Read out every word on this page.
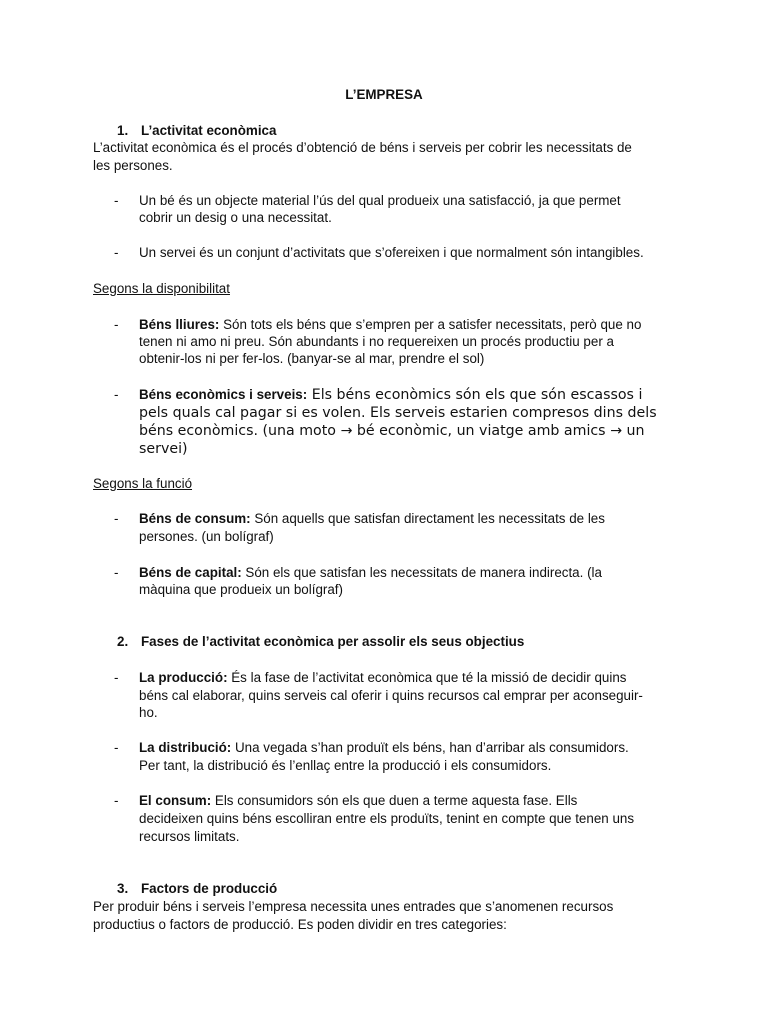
L’EMPRESA
1. L’activitat econòmica
L’activitat econòmica és el procés d’obtenció de béns i serveis per cobrir les necessitats de
les persones.
- Un bé és un objecte material l’ús del qual produeix una satisfacció, ja que permet
cobrir un desig o una necessitat.
- Un servei és un conjunt d’activitats que s’ofereixen i que normalment són intangibles.
Segons la disponibilitat
- Béns lliures: Són tots els béns que s’empren per a satisfer necessitats, però que no
tenen ni amo ni preu. Són abundants i no requereixen un procés productiu per a
obtenir-los ni per fer-los. (banyar-se al mar, prendre el sol)
- Béns econòmics i serveis: Els béns econòmics són els que són escassos i
pels quals cal pagar si es volen. Els serveis estarien compresos dins dels
béns econòmics. (una moto → bé econòmic, un viatge amb amics → un
servei)
Segons la funció
- Béns de consum: Són aquells que satisfan directament les necessitats de les
persones. (un bolígraf)
- Béns de capital: Són els que satisfan les necessitats de manera indirecta. (la
màquina que produeix un bolígraf)
2. Fases de l’activitat econòmica per assolir els seus objectius
- La producció: És la fase de l’activitat econòmica que té la missió de decidir quins
béns cal elaborar, quins serveis cal oferir i quins recursos cal emprar per aconseguir-
ho.
- La distribució: Una vegada s’han produït els béns, han d’arribar als consumidors.
Per tant, la distribució és l’enllaç entre la producció i els consumidors.
- El consum: Els consumidors són els que duen a terme aquesta fase. Ells
decideixen quins béns escolliran entre els produïts, tenint en compte que tenen uns
recursos limitats.
3. Factors de producció
Per produir béns i serveis l’empresa necessita unes entrades que s’anomenen recursos
productius o factors de producció. Es poden dividir en tres categories:
